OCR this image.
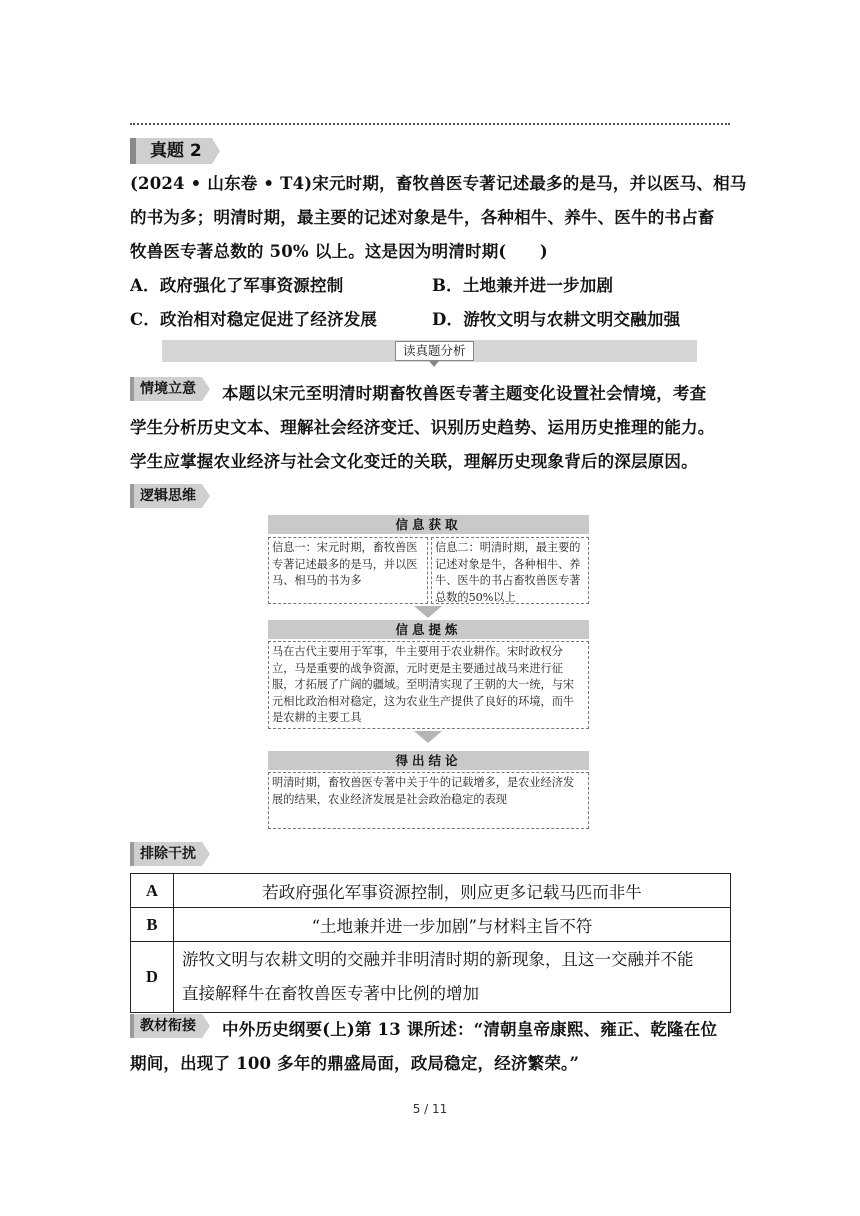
真题 2
(2024 • 山东卷 • T4)宋元时期，畜牧兽医专著记述最多的是马，并以医马、相马
的书为多；明清时期，最主要的记述对象是牛，各种相牛、养牛、医牛的书占畜
牧兽医专著总数的 50% 以上。这是因为明清时期(　　)
A．政府强化了军事资源控制	B．土地兼并进一步加剧
C．政治相对稳定促进了经济发展	D．游牧文明与农耕文明交融加强
读真题分析
情境立意	本题以宋元至明清时期畜牧兽医专著主题变化设置社会情境，考查
学生分析历史文本、理解社会经济变迁、识别历史趋势、运用历史推理的能力。
学生应掌握农业经济与社会文化变迁的关联，理解历史现象背后的深层原因。
逻辑思维
信息获取
信息一：宋元时期，畜牧兽医专著记述最多的是马，并以医马、相马的书为多
信息二：明清时期，最主要的记述对象是牛，各种相牛、养牛、医牛的书占畜牧兽医专著总数的50%以上
信息提炼
马在古代主要用于军事，牛主要用于农业耕作。宋时政权分立，马是重要的战争资源，元时更是主要通过战马来进行征服，才拓展了广阔的疆域。至明清实现了王朝的大一统，与宋元相比政治相对稳定，这为农业生产提供了良好的环境，而牛是农耕的主要工具
得出结论
明清时期，畜牧兽医专著中关于牛的记载增多，是农业经济发展的结果，农业经济发展是社会政治稳定的表现
排除干扰
A	若政府强化军事资源控制，则应更多记载马匹而非牛
B	“土地兼并进一步加剧”与材料主旨不符
D	游牧文明与农耕文明的交融并非明清时期的新现象，且这一交融并不能
直接解释牛在畜牧兽医专著中比例的增加
教材衔接	中外历史纲要(上)第 13 课所述：“清朝皇帝康熙、雍正、乾隆在位
期间，出现了 100 多年的鼎盛局面，政局稳定，经济繁荣。”
5 / 11
